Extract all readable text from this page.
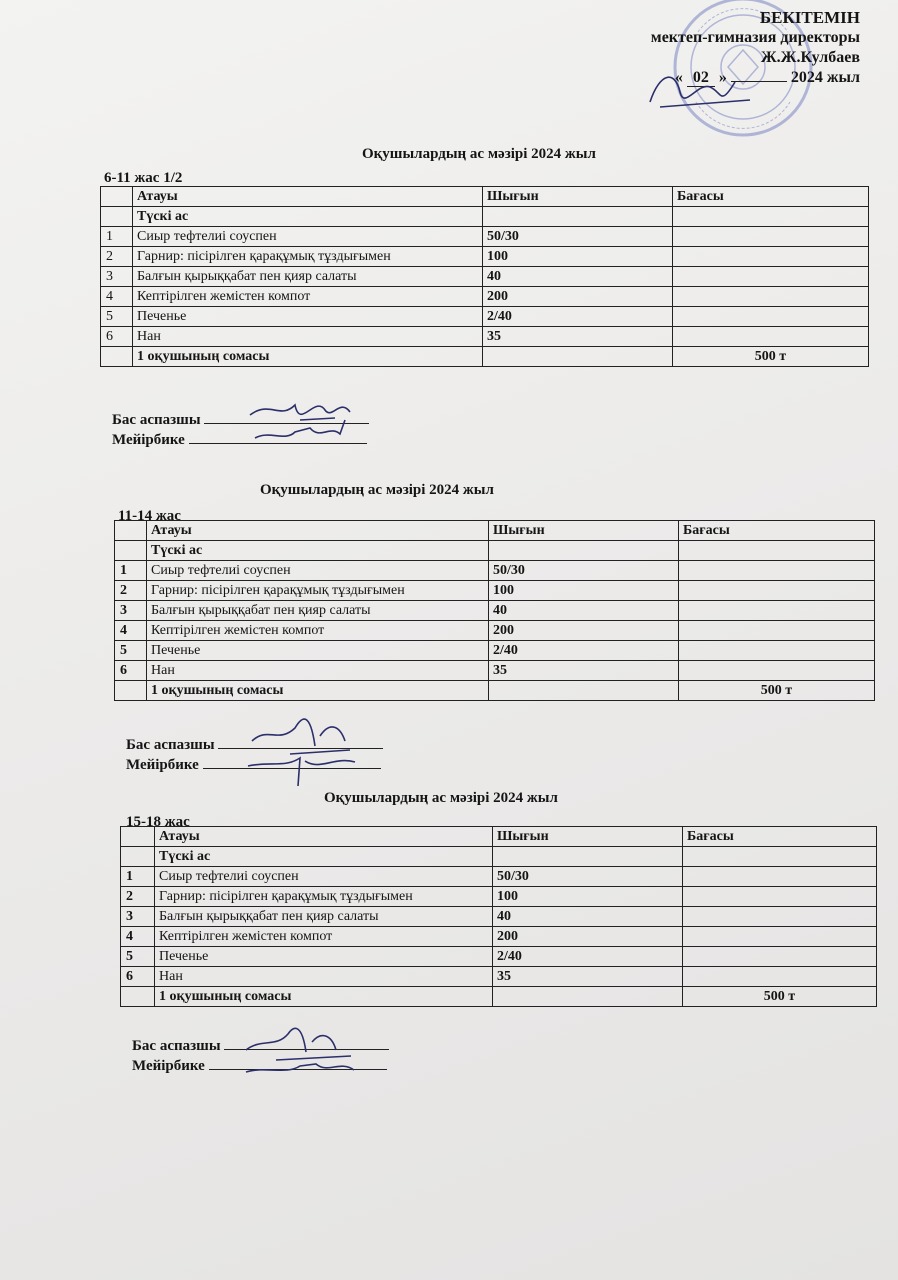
БЕКІТЕМІН
мектеп-гимназия директоры
Ж.Ж.Кулбаев
« 02 »	2024 жыл
Оқушылардың ас мәзірі 2024 жыл
6-11 жас 1/2
	Атауы	Шығын	Бағасы
	Түскі ас		
1	Сиыр тефтелиі соуспен	50/30	
2	Гарнир: пісірілген қарақұмық тұздығымен	100	
3	Балғын қырыққабат пен қияр салаты	40	
4	Кептірілген жемістен компот	200	
5	Печенье	2/40	
6	Нан	35	
	1 оқушының сомасы		500 т
Бас аспазшы
Мейірбике
Оқушылардың ас мәзірі 2024 жыл
11-14 жас
	Атауы	Шығын	Бағасы
	Түскі ас		
1	Сиыр тефтелиі соуспен	50/30	
2	Гарнир: пісірілген қарақұмық тұздығымен	100	
3	Балғын қырыққабат пен қияр салаты	40	
4	Кептірілген жемістен компот	200	
5	Печенье	2/40	
6	Нан	35	
	1 оқушының сомасы		500 т
Бас аспазшы
Мейірбике
Оқушылардың ас мәзірі 2024 жыл
15-18 жас
	Атауы	Шығын	Бағасы
	Түскі ас		
1	Сиыр тефтелиі соуспен	50/30	
2	Гарнир: пісірілген қарақұмық тұздығымен	100	
3	Балғын қырыққабат пен қияр салаты	40	
4	Кептірілген жемістен компот	200	
5	Печенье	2/40	
6	Нан	35	
	1 оқушының сомасы		500 т
Бас аспазшы
Мейірбике
